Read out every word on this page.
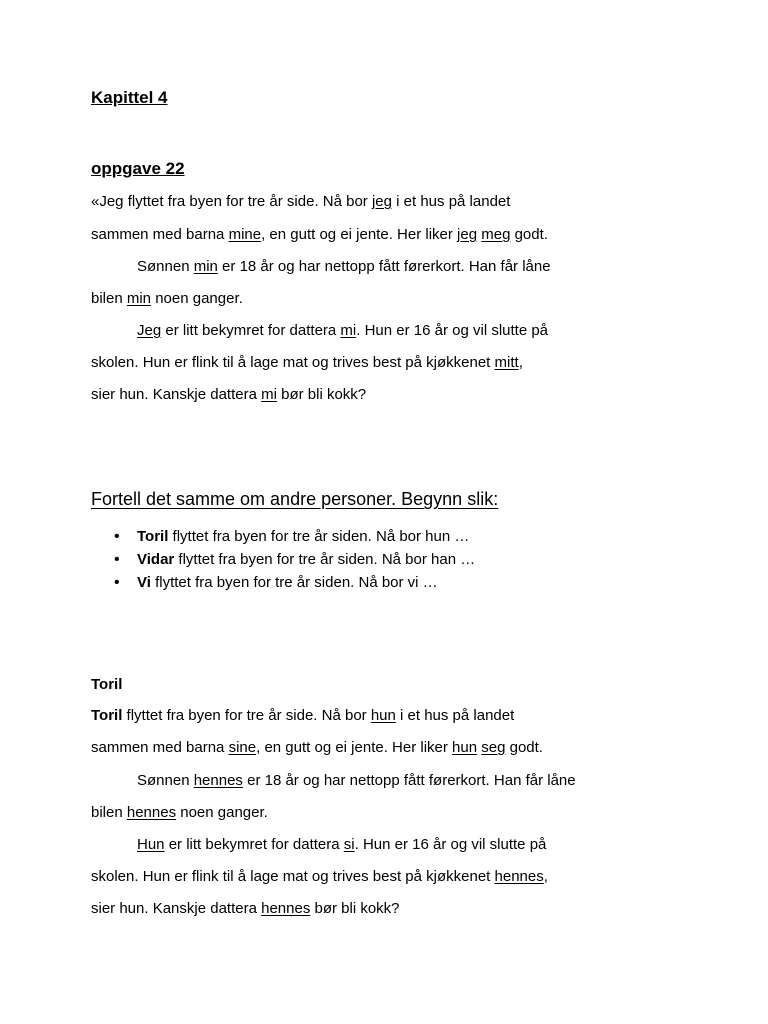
Kapittel 4
oppgave 22
«Jeg flyttet fra byen for tre år side. Nå bor jeg i et hus på landet
sammen med barna mine, en gutt og ei jente. Her liker jeg meg godt.
Sønnen min er 18 år og har nettopp fått førerkort. Han får låne
bilen min noen ganger.
Jeg er litt bekymret for dattera mi. Hun er 16 år og vil slutte på
skolen. Hun er flink til å lage mat og trives best på kjøkkenet mitt,
sier hun. Kanskje dattera mi bør bli kokk?
Fortell det samme om andre personer. Begynn slik:
• Toril flyttet fra byen for tre år siden. Nå bor hun …
• Vidar flyttet fra byen for tre år siden. Nå bor han …
• Vi flyttet fra byen for tre år siden. Nå bor vi …
Toril
Toril flyttet fra byen for tre år side. Nå bor hun i et hus på landet
sammen med barna sine, en gutt og ei jente. Her liker hun seg godt.
Sønnen hennes er 18 år og har nettopp fått førerkort. Han får låne
bilen hennes noen ganger.
Hun er litt bekymret for dattera si. Hun er 16 år og vil slutte på
skolen. Hun er flink til å lage mat og trives best på kjøkkenet hennes,
sier hun. Kanskje dattera hennes bør bli kokk?
